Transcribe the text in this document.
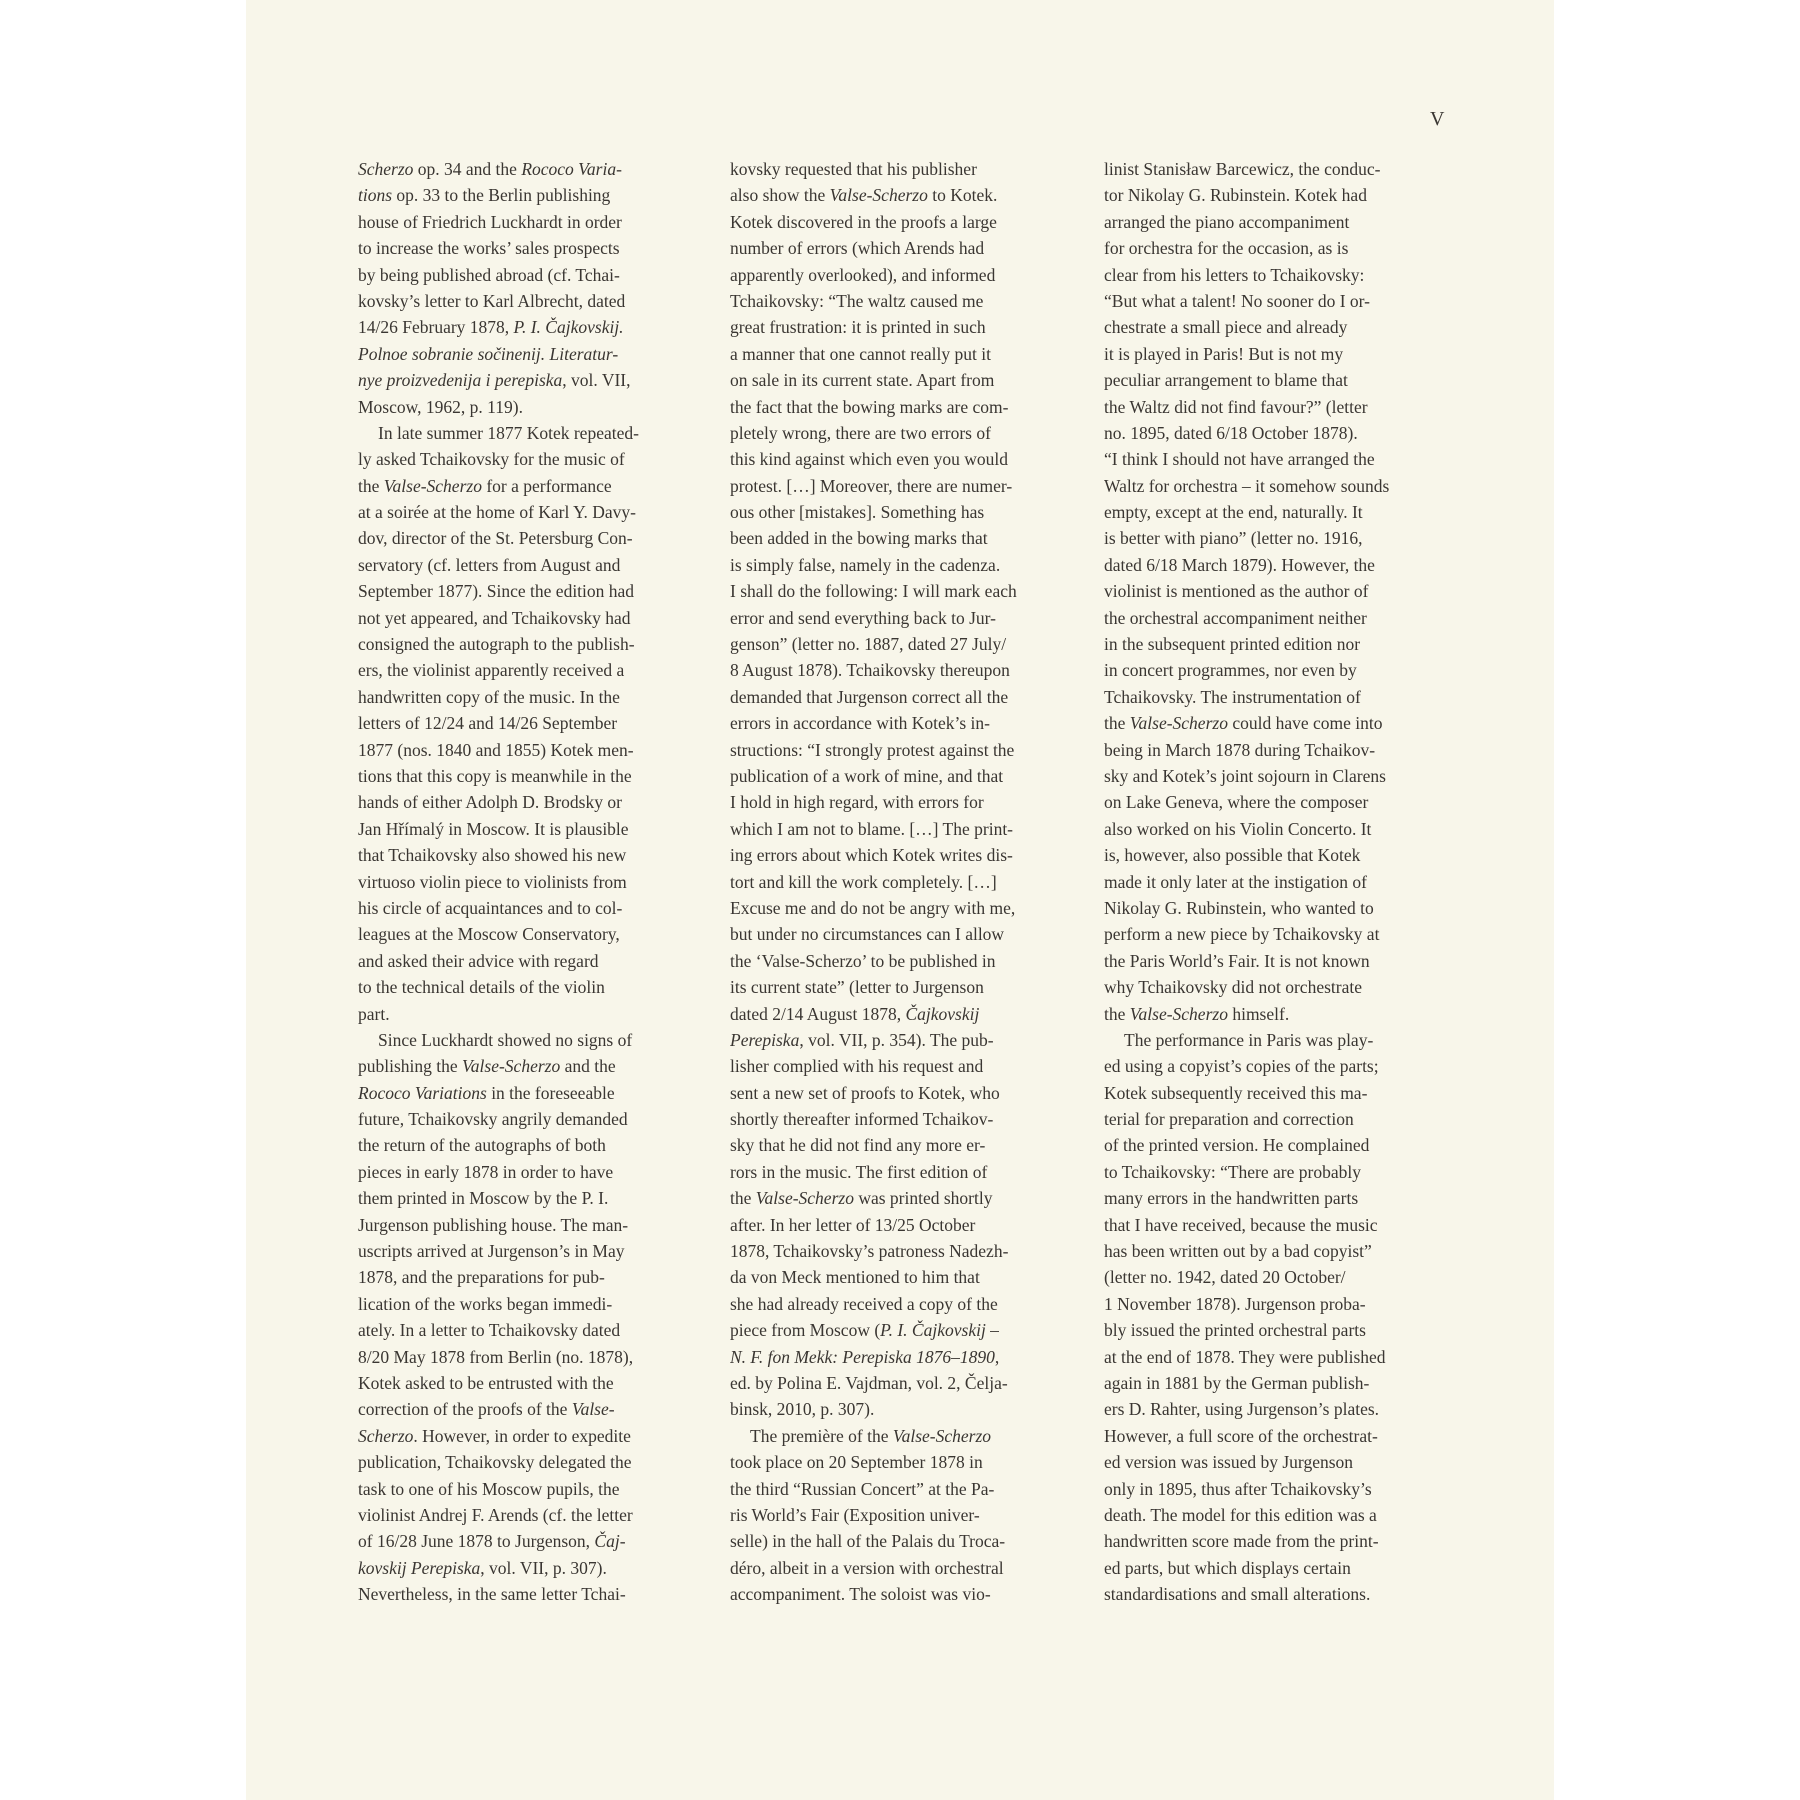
V
Scherzo op. 34 and the Rococo Varia-
tions op. 33 to the Berlin publishing
house of Friedrich Luckhardt in order
to increase the works’ sales prospects
by being published abroad (cf. Tchai-
kovsky’s letter to Karl Albrecht, dated
14/26 February 1878, P. I. Čajkovskij.
Polnoe sobranie sočinenij. Literatur-
nye proizvedenija i perepiska, vol. VII,
Moscow, 1962, p. 119).
In late summer 1877 Kotek repeated-
ly asked Tchaikovsky for the music of
the Valse-Scherzo for a performance
at a soirée at the home of Karl Y. Davy-
dov, director of the St. Petersburg Con-
servatory (cf. letters from August and
September 1877). Since the edition had
not yet appeared, and Tchaikovsky had
consigned the autograph to the publish-
ers, the violinist apparently received a
handwritten copy of the music. In the
letters of 12/24 and 14/26 September
1877 (nos. 1840 and 1855) Kotek men-
tions that this copy is meanwhile in the
hands of either Adolph D. Brodsky or
Jan Hřímalý in Moscow. It is plausible
that Tchaikovsky also showed his new
virtuoso violin piece to violinists from
his circle of acquaintances and to col-
leagues at the Moscow Conservatory,
and asked their advice with regard
to the technical details of the violin
part.
Since Luckhardt showed no signs of
publishing the Valse-Scherzo and the
Rococo Variations in the foreseeable
future, Tchaikovsky angrily demanded
the return of the autographs of both
pieces in early 1878 in order to have
them printed in Moscow by the P. I.
Jurgenson publishing house. The man-
uscripts arrived at Jurgenson’s in May
1878, and the preparations for pub-
lication of the works began immedi-
ately. In a letter to Tchaikovsky dated
8/20 May 1878 from Berlin (no. 1878),
Kotek asked to be entrusted with the
correction of the proofs of the Valse-
Scherzo. However, in order to expedite
publication, Tchaikovsky delegated the
task to one of his Moscow pupils, the
violinist Andrej F. Arends (cf. the letter
of 16/28 June 1878 to Jurgenson, Čaj-
kovskij Perepiska, vol. VII, p. 307).
Nevertheless, in the same letter Tchai-
kovsky requested that his publisher
also show the Valse-Scherzo to Kotek.
Kotek discovered in the proofs a large
number of errors (which Arends had
apparently overlooked), and informed
Tchaikovsky: “The waltz caused me
great frustration: it is printed in such
a manner that one cannot really put it
on sale in its current state. Apart from
the fact that the bowing marks are com-
pletely wrong, there are two errors of
this kind against which even you would
protest. […] Moreover, there are numer-
ous other [mistakes]. Something has
been added in the bowing marks that
is simply false, namely in the cadenza.
I shall do the following: I will mark each
error and send everything back to Jur-
genson” (letter no. 1887, dated 27 July/
8 August 1878). Tchaikovsky thereupon
demanded that Jurgenson correct all the
errors in accordance with Kotek’s in-
structions: “I strongly protest against the
publication of a work of mine, and that
I hold in high regard, with errors for
which I am not to blame. […] The print-
ing errors about which Kotek writes dis-
tort and kill the work completely. […]
Excuse me and do not be angry with me,
but under no circumstances can I allow
the ‘Valse-Scherzo’ to be published in
its current state” (letter to Jurgenson
dated 2/14 August 1878, Čajkovskij
Perepiska, vol. VII, p. 354). The pub-
lisher complied with his request and
sent a new set of proofs to Kotek, who
shortly thereafter informed Tchaikov-
sky that he did not find any more er-
rors in the music. The first edition of
the Valse-Scherzo was printed shortly
after. In her letter of 13/25 October
1878, Tchaikovsky’s patroness Nadezh-
da von Meck mentioned to him that
she had already received a copy of the
piece from Moscow (P. I. Čajkovskij –
N. F. fon Mekk: Perepiska 1876–1890,
ed. by Polina E. Vajdman, vol. 2, Čelja-
binsk, 2010, p. 307).
The première of the Valse-Scherzo
took place on 20 September 1878 in
the third “Russian Concert” at the Pa-
ris World’s Fair (Exposition univer-
selle) in the hall of the Palais du Troca-
déro, albeit in a version with orchestral
accompaniment. The soloist was vio-
linist Stanisław Barcewicz, the conduc-
tor Nikolay G. Rubinstein. Kotek had
arranged the piano accompaniment
for orchestra for the occasion, as is
clear from his letters to Tchaikovsky:
“But what a talent! No sooner do I or-
chestrate a small piece and already
it is played in Paris! But is not my
peculiar arrangement to blame that
the Waltz did not find favour?” (letter
no. 1895, dated 6/18 October 1878).
“I think I should not have arranged the
Waltz for orchestra – it somehow sounds
empty, except at the end, naturally. It
is better with piano” (letter no. 1916,
dated 6/18 March 1879). However, the
violinist is mentioned as the author of
the orchestral accompaniment neither
in the subsequent printed edition nor
in concert programmes, nor even by
Tchaikovsky. The instrumentation of
the Valse-Scherzo could have come into
being in March 1878 during Tchaikov-
sky and Kotek’s joint sojourn in Clarens
on Lake Geneva, where the composer
also worked on his Violin Concerto. It
is, however, also possible that Kotek
made it only later at the instigation of
Nikolay G. Rubinstein, who wanted to
perform a new piece by Tchaikovsky at
the Paris World’s Fair. It is not known
why Tchaikovsky did not orchestrate
the Valse-Scherzo himself.
The performance in Paris was play-
ed using a copyist’s copies of the parts;
Kotek subsequently received this ma-
terial for preparation and correction
of the printed version. He complained
to Tchaikovsky: “There are probably
many errors in the handwritten parts
that I have received, because the music
has been written out by a bad copyist”
(letter no. 1942, dated 20 October/
1 November 1878). Jurgenson proba-
bly issued the printed orchestral parts
at the end of 1878. They were published
again in 1881 by the German publish-
ers D. Rahter, using Jurgenson’s plates.
However, a full score of the orchestrat-
ed version was issued by Jurgenson
only in 1895, thus after Tchaikovsky’s
death. The model for this edition was a
handwritten score made from the print-
ed parts, but which displays certain
standardisations and small alterations.
